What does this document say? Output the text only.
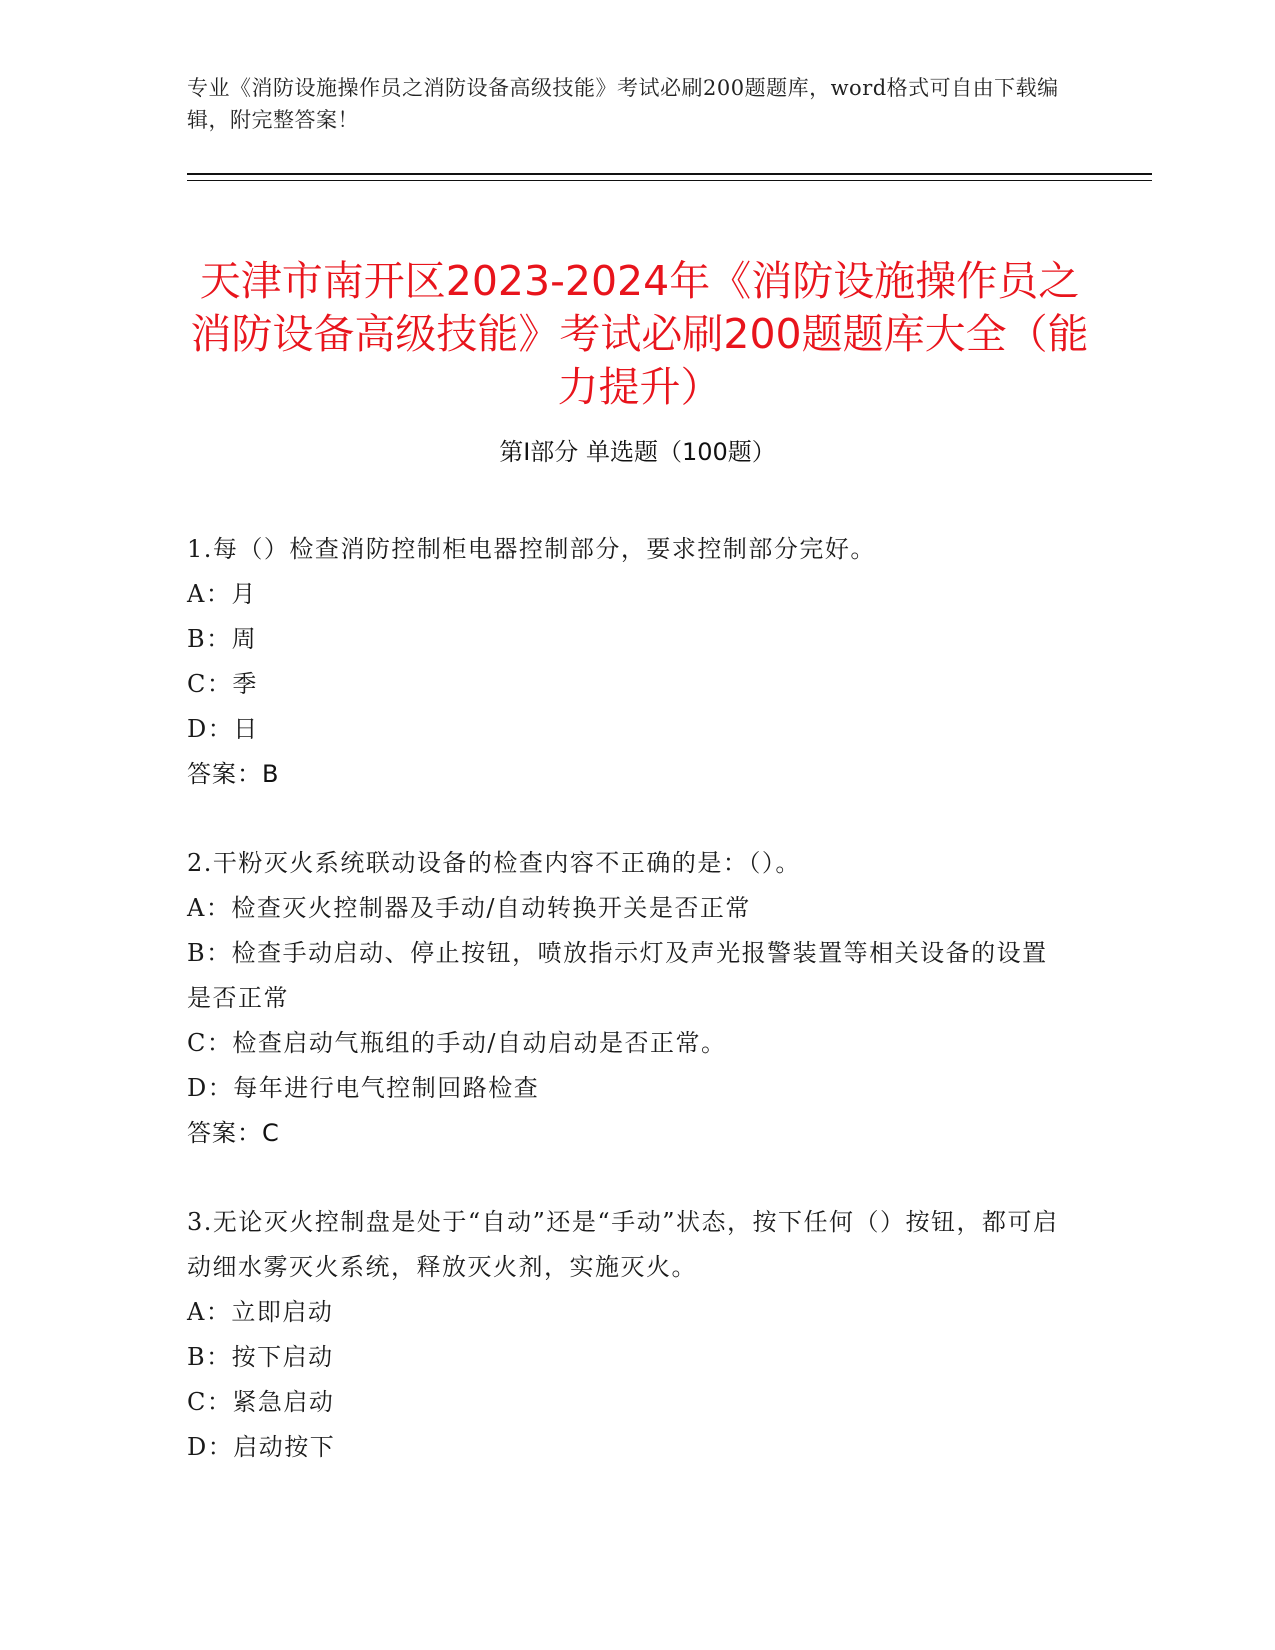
专业《消防设施操作员之消防设备高级技能》考试必刷200题题库，word格式可自由下载编辑，附完整答案！
天津市南开区2023-2024年《消防设施操作员之消防设备高级技能》考试必刷200题题库大全（能力提升）
第Ⅰ部分 单选题（100题）
1.每（）检查消防控制柜电器控制部分，要求控制部分完好。
A：月
B：周
C：季
D：日
答案：B
2.干粉灭火系统联动设备的检查内容不正确的是：（）。
A：检查灭火控制器及手动/自动转换开关是否正常
B：检查手动启动、停止按钮，喷放指示灯及声光报警装置等相关设备的设置是否正常
C：检查启动气瓶组的手动/自动启动是否正常。
D：每年进行电气控制回路检查
答案：C
3.无论灭火控制盘是处于“自动”还是“手动”状态，按下任何（）按钮，都可启动细水雾灭火系统，释放灭火剂，实施灭火。
A：立即启动
B：按下启动
C：紧急启动
D：启动按下
